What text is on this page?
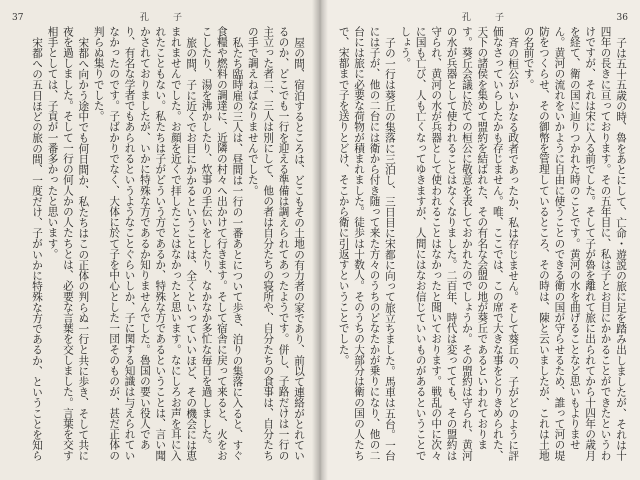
37	孔　　子

屋の間、宿泊するところは、どこもその土地の有力者の家であり、前以て連絡がとれているのか、どこでも一行を迎える準備は調えられてあったようです。併し、子路だけは一行の主立った者二、三人は別にして、他の者は自分たちの寝所や、自分たちの食事は、自分たちの手で調えねばなりませんでした。

私たち臨時雇の三人は、昼間は一行の一番あとについて歩き、泊りの集落に入ると、すぐ食糧や燃料の調達に、近隣の村々へ出かけて行きます。そして宿舎に戻って来ると、火をおこしたり、湯を沸かしたり、炊事の手伝いをしたり、なかなか多忙な毎日を過しました。

旅の間、子に近くでお目にかかるということは、全くといっていいほど、その機会には恵まれませんでした。お顔を近くで拝したことはなかったと思います。なにしろお声を耳に入れたこともない。私たちは子がどういう方であるか、特殊な方であるということは、言い聞かされておりましたが、いかに特殊な方であるか知りませんでした。魯国の要い役人であり、有名な学者でもあられるというようなことぐらいしか、子に関する知識は与えられていなかったのです。子ばかりでなく、大体に於て子を中心とした一団そのものが、甚だ正体の判らぬ集りでした。

宋都へ向かう途中でも何日間か、私たちはこの正体の判らぬ一行と共に歩き、そして共に夜を過しました。そして一行の何人かの人たちとは、必要な言葉を交しました。言葉を交す相手としては、子貢が一番多かったと思います。

宋都への五日ほどの旅の間、一度だけ、子がいかに特殊な方であるか、ということを知ら

孔　　子	36

子は五十五歳の時、魯をあとにして、亡命・遊説の旅に足を踏み出しましたが、それは十四年の長きに亘っております。その五年目に、私は子とお目にかかることができたというわけですが、それは宋に入る前でした。そして子が魯を離れて旅に出られてから十四年の歳月を経て、衛の国に辿りつかれた時のことです。黄河の水を曲げることなど思いもよりません。黄河の流れをいかように自由に使うことのできる衛の国が守らせるため、誰って河の堤防をつくらせ、その御幣を管理しているところ、その時は、陳と云いましたが、これは土地の名前です。

斉の桓公がいかなる政者であったか、私は存じません。そして葵丘の、子がどのように評価なさっていらしたかも存じません。唯、ここでは、この席で大きな事をとりきめられた、天下の諸侯を集めて盟約を結ばれた、その有名な会盟の地が葵丘であるといわれております。葵丘会議に於ての桓公に敬意を表しておかれたのでしょうか。その盟約は守られ、黄河の水が兵器として使われることはなくなりました。二百年、時代は変ってても、その盟約は守られ、黄河の水が兵器として使われることはなかったと聞いております。戦乱の中に次々に国も亡び、人も亡くなってゆきますが、人間にはなお信じていいものがあるということでしょう。

子の一行は葵丘の集落に三泊し、三日目に宋都に向って旅立ちました。馬車は五台。一台には子が、他の二台には衛から付き随って来た方々のうちのどなたかが乗りになり、他の二台には旅に必要な荷物が積まれました。徒歩は十数人。そのうちの大部分は衛の国の人たちで、宋都まで子を送りとどけ、そこから衛に引返すということでした。
